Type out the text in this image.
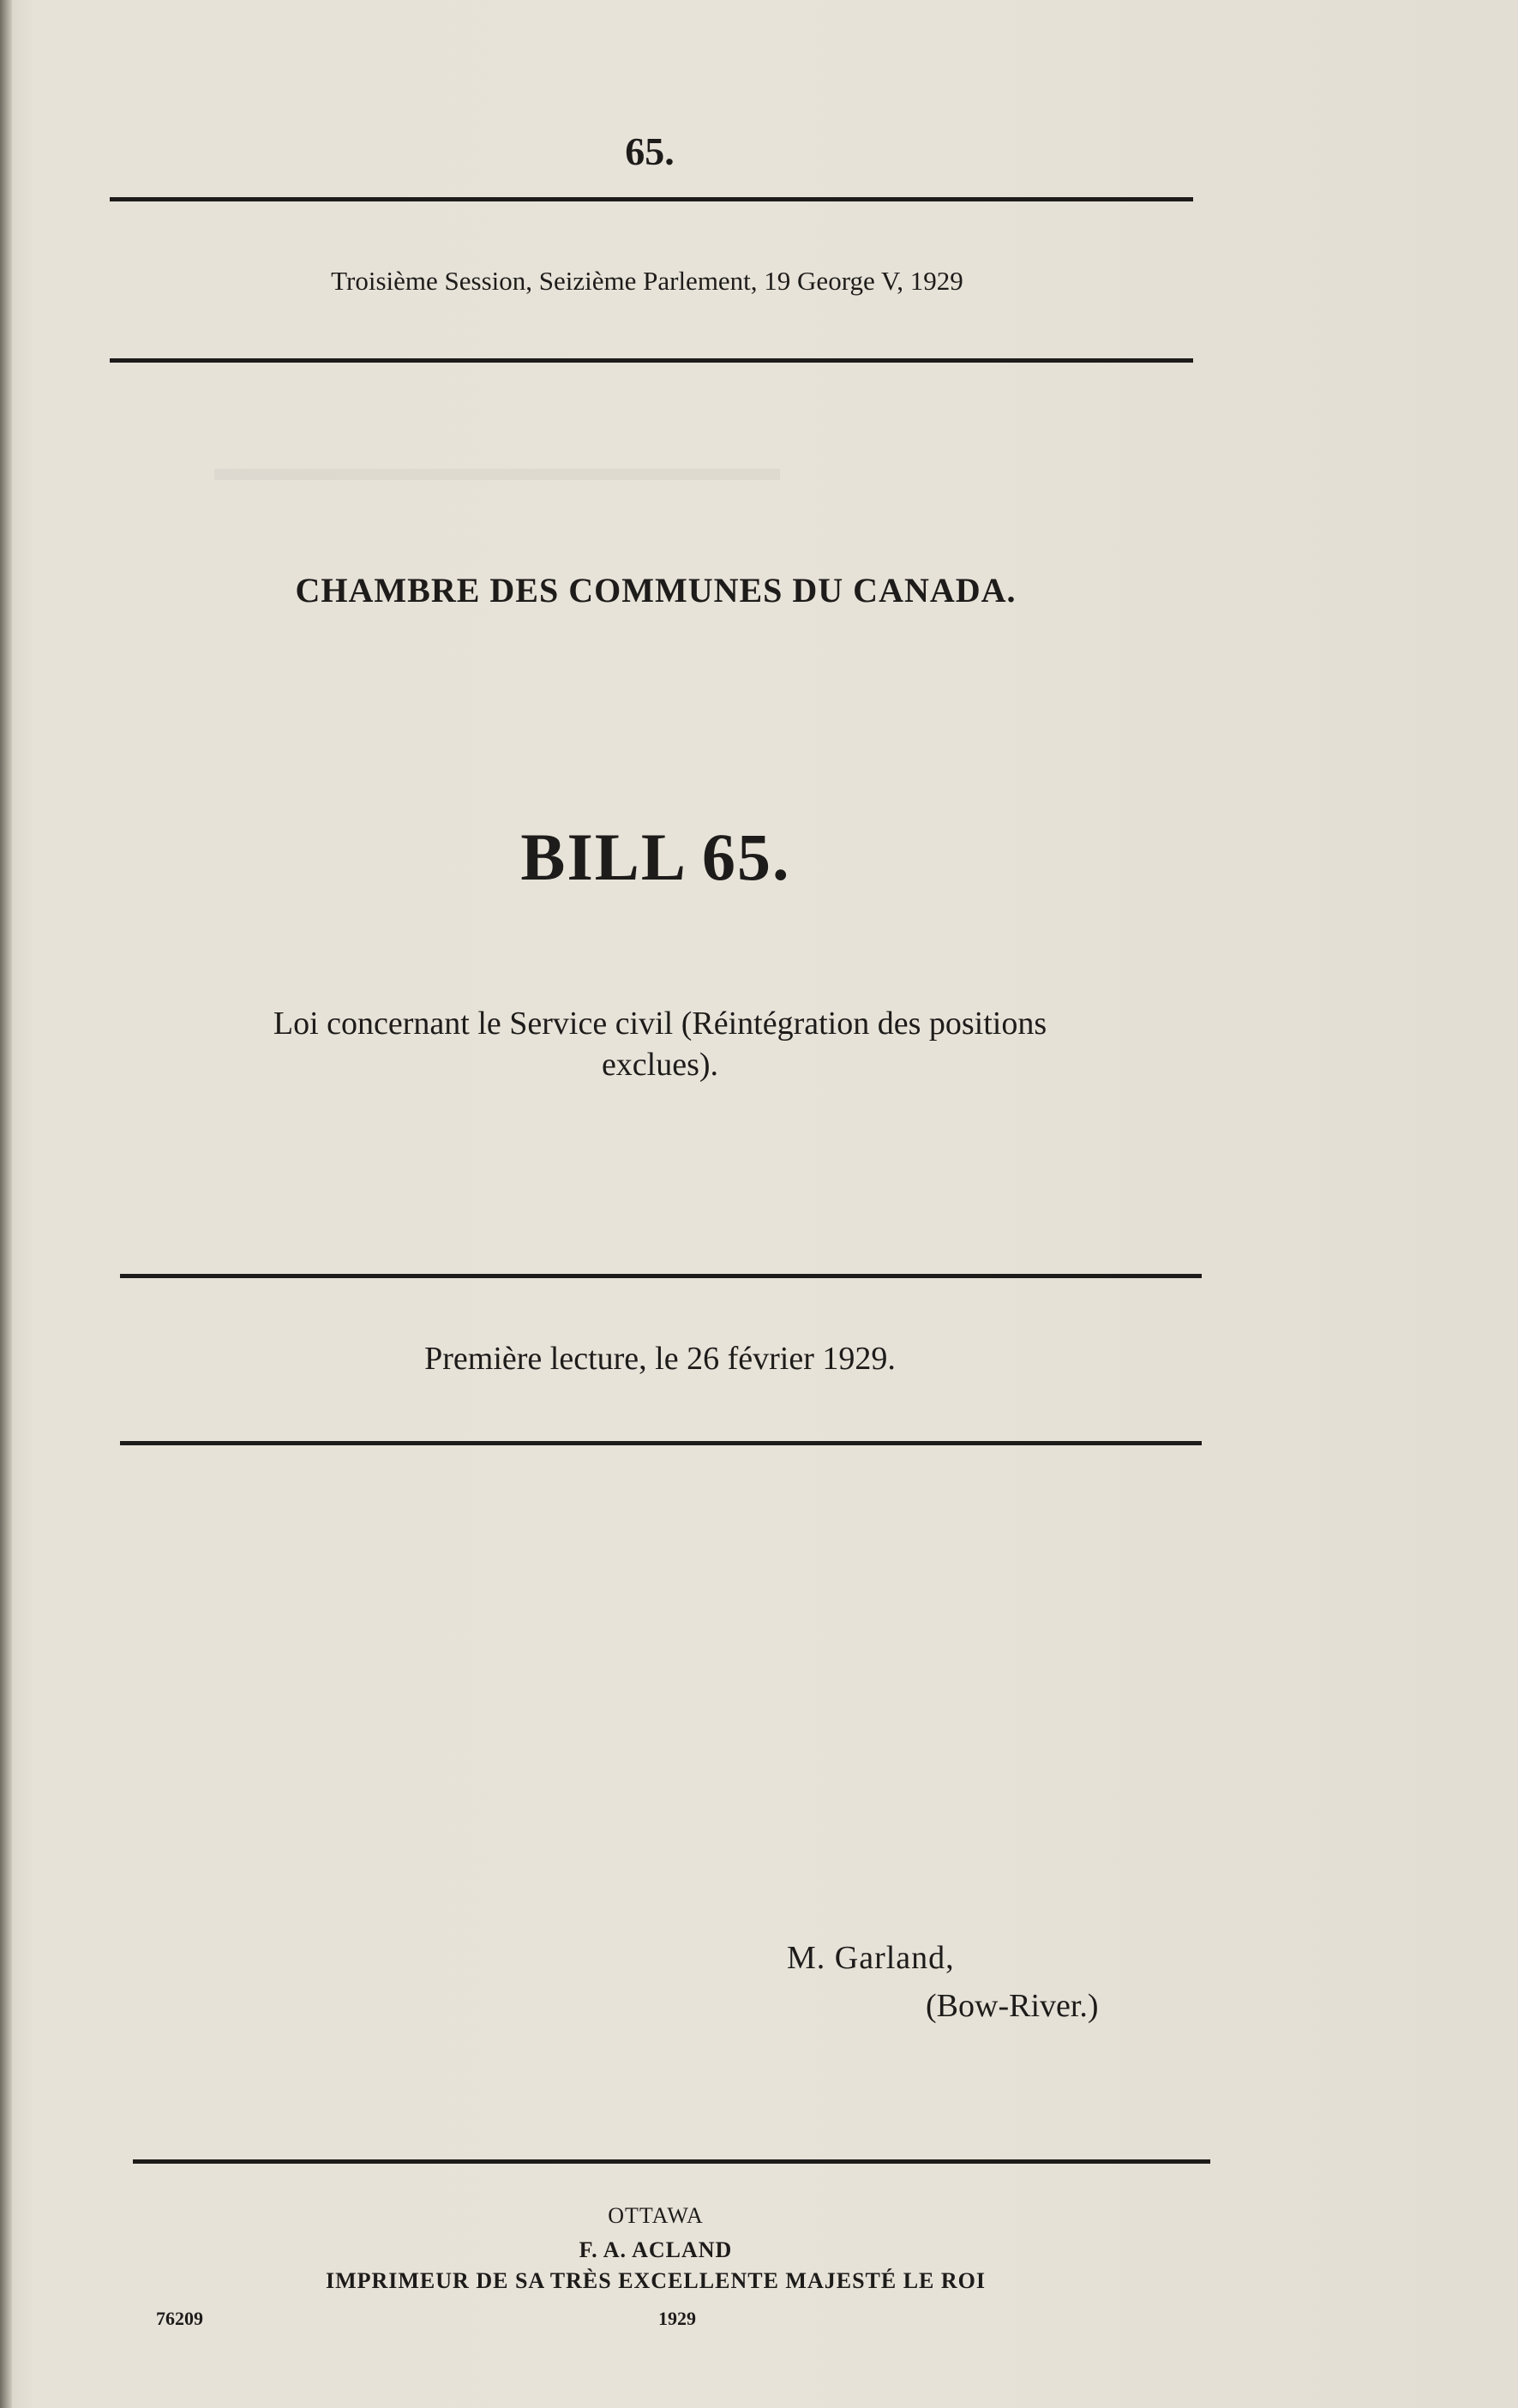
▬▬▬▬▬▬▬▬▬▬▬▬▬▬▬
65.
Troisième Session, Seizième Parlement, 19 George V, 1929
CHAMBRE DES COMMUNES DU CANADA.
BILL 65.
Loi concernant le Service civil (Réintégration des positions
exclues).
Première lecture, le 26 février 1929.
M. Garland,
(Bow-River.)
OTTAWA
F. A. ACLAND
IMPRIMEUR DE SA TRÈS EXCELLENTE MAJESTÉ LE ROI
76209	1929
